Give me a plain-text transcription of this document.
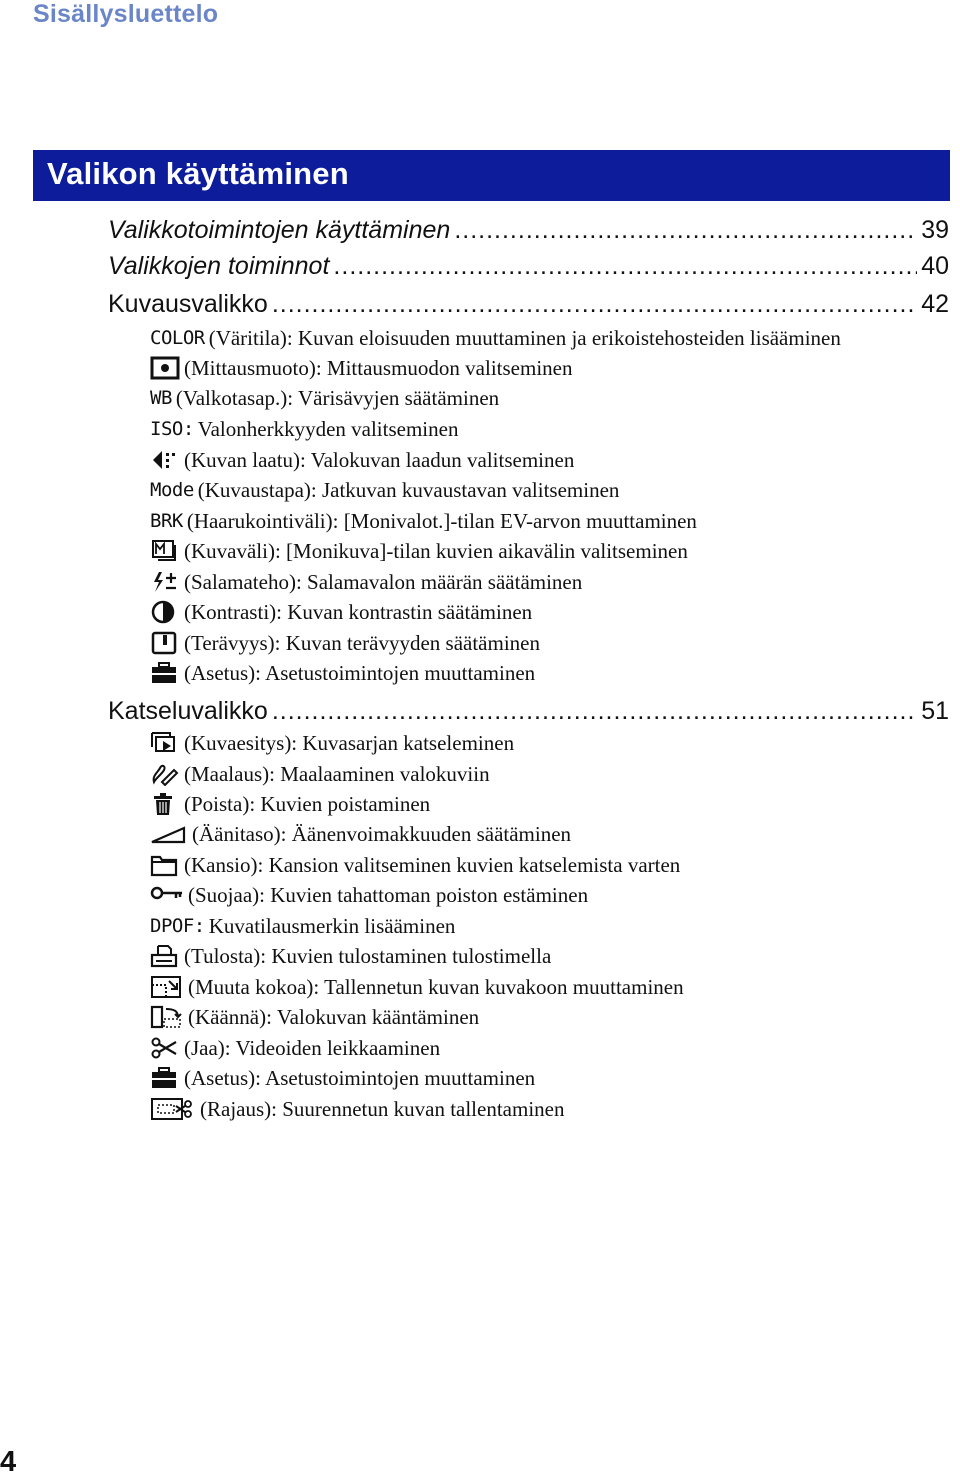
Sisällysluettelo
Valikon käyttäminen
Valikkotoimintojen käyttäminen .....	39
Valikkojen toiminnot .....	40
Kuvausvalikko .....	42
COLOR (Väritila): Kuvan eloisuuden muuttaminen ja erikoistehosteiden lisääminen
(Mittausmuoto): Mittausmuodon valitseminen
WB (Valkotasap.): Värisävyjen säätäminen
ISO: Valonherkkyyden valitseminen
(Kuvan laatu): Valokuvan laadun valitseminen
Mode (Kuvaustapa): Jatkuvan kuvaustavan valitseminen
BRK (Haarukointiväli): [Monivalot.]-tilan EV-arvon muuttaminen
(Kuvaväli): [Monikuva]-tilan kuvien aikavälin valitseminen
(Salamateho): Salamavalon määrän säätäminen
(Kontrasti): Kuvan kontrastin säätäminen
(Terävyys): Kuvan terävyyden säätäminen
(Asetus): Asetustoimintojen muuttaminen
Katseluvalikko .....	51
(Kuvaesitys): Kuvasarjan katseleminen
(Maalaus): Maalaaminen valokuviin
(Poista): Kuvien poistaminen
(Äänitaso): Äänenvoimakkuuden säätäminen
(Kansio): Kansion valitseminen kuvien katselemista varten
(Suojaa): Kuvien tahattoman poiston estäminen
DPOF: Kuvatilausmerkin lisääminen
(Tulosta): Kuvien tulostaminen tulostimella
(Muuta kokoa): Tallennetun kuvan kuvakoon muuttaminen
(Käännä): Valokuvan kääntäminen
(Jaa): Videoiden leikkaaminen
(Asetus): Asetustoimintojen muuttaminen
(Rajaus): Suurennetun kuvan tallentaminen
4
